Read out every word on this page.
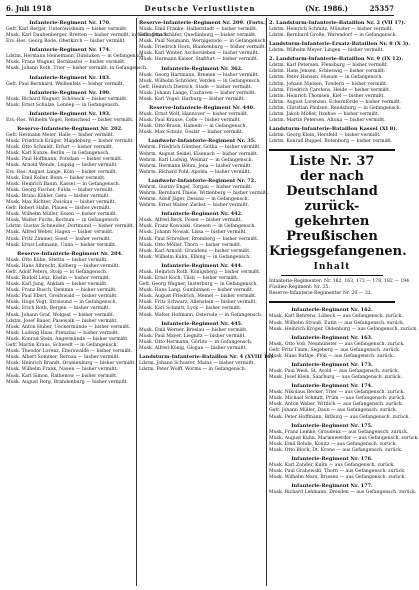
6. Juli 1918	Deutsche Verlustlisten	(Nr. 1986.)	25357
Infanterie-Regiment Nr. 170.

Gefr. Karl Berger, Unteröwisheim — bisher vermißt.

Musk. Karl Daubenberger, Bretten — bisher vermißt, in Gefangensch.

Ers.-Res. Georg Bode, Oberkirch — bisher vermißt.

Infanterie-Regiment Nr. 174.

Ldstm. Hermann Heinemann, Dinslaken — in Gefangensch.

Musk. Franz Wagner, Bernkastel — bisher vermißt.

Musk. Johann Roth, Trier — bisher vermißt, in Gefangensch.

Infanterie-Regiment Nr. 183.

Gefr. Paul Bernhard, Weißenfels — bisher vermißt.

Infanterie-Regiment Nr. 190.

Musk. Richard Wagner, Schöneck — bisher vermißt.

Musk. Ernst Schulze, Lennep — in Gefangensch.

Infanterie-Regiment Nr. 193.

Ers.-Res. Wilhelm Vogel, Remscheid — bisher vermißt.

Reserve-Infanterie-Regiment Nr. 202.

Gefr. Hermann Meier, Halle — bisher vermißt.

Musk. Friedrich Krüger, Magdeburg — bisher vermißt.

Musk. Otto Schmidt, Erfurt — bisher vermißt.

Musk. Karl Kunze, Berlin — in Gefangensch.

Musk. Paul Hoffmann, Potsdam — bisher vermißt.

Musk. Arnold Wende, Leipzig — bisher vermißt.

Ers.-Res. August Lange, Köln — bisher vermißt.

Musk. Emil Keller, Bonn — bisher vermißt.

Musk. Heinrich Baum, Kassel — in Gefangensch.

Musk. Georg Fischer, Fulda — bisher vermißt.

Musk. Bruno Köhler, Gera — bisher vermißt.

Musk. Max Richter, Zwickau — bisher vermißt.

Gefr. Robert Hahn, Plauen — bisher vermißt.

Musk. Wilhelm Müller, Essen — bisher vermißt.

Musk. Walter Fuchs, Bochum — in Gefangensch.

Ldstm. Gustav Schneider, Dortmund — bisher vermißt.

Musk. Alfred Weber, Hagen — bisher vermißt.

Musk. Fritz Zimmer, Soest — bisher vermißt.

Musk. Ernst Lehmann, Unna — bisher vermißt.

Reserve-Infanterie-Regiment Nr. 204.

Musk. Otto Kühn, Stettin — bisher vermißt.

Musk. Hans Albrecht, Kolberg — bisher vermißt.

Gefr. Adolf Peters, Stolp — in Gefangensch.

Musk. Rudolf Lenz, Köslin — bisher vermißt.

Musk. Karl Jung, Anklam — bisher vermißt.

Musk. Franz Busch, Demmin — bisher vermißt.

Musk. Paul Ebert, Greifswald — bisher vermißt.

Musk. Hugo Vogt, Stralsund — in Gefangensch.

Musk. Erich Roth, Bergen — bisher vermißt.

Musk. Johann Graf, Wolgast — bisher vermißt.

Ldstm. Josef Bauer, Pasewalk — bisher vermißt.

Musk. Anton Huber, Ueckermünde — bisher vermißt.

Musk. Ludwig Haas, Prenzlau — bisher vermißt.

Musk. Konrad Stein, Angermünde — bisher vermißt.

Gefr. Martin Kraus, Schwedt — in Gefangensch.

Musk. Theodor Lorenz, Eberswalde — bisher vermißt.

Musk. Albert Sommer, Bernau — bisher vermißt.

Musk. Heinrich Brandt, Oranienburg — bisher vermißt.

Musk. Wilhelm Frank, Nauen — bisher vermißt.

Musk. Karl Simon, Rathenow — bisher vermißt.

Musk. August Berg, Brandenburg — bisher vermißt.

Reserve-Infanterie-Regiment Nr. 209. (Forts.)

Musk. Emil Franke, Halberstadt — bisher vermißt.

Gefr. Otto Schäfer, Quedlinburg — bisher vermißt.

Musk. Paul Neumann, Wernigerode — in Gefangensch.

Musk. Friedrich Horn, Blankenburg — bisher vermißt.

Musk. Karl Winter, Aschersleben — bisher vermißt.

Musk. Hermann Kaiser, Staßfurt — bisher vermißt.

Infanterie-Regiment Nr. 362.

Musk. Georg Hartmann, Bremen — bisher vermißt.

Musk. Wilhelm Schröder, Verden — in Gefangensch.

Gefr. Heinrich Dietrich, Stade — bisher vermißt.

Musk. Johann Lange, Cuxhaven — bisher vermißt.

Musk. Karl Vogel, Harburg — bisher vermißt.

Reserve-Infanterie-Regiment Nr. 440.

Musk. Ernst Wolf, Hannover — bisher vermißt.

Musk. Paul Krause, Celle — bisher vermißt.

Musk. Otto Braun, Hameln — in Gefangensch.

Musk. Max Schulz, Goslar — bisher vermißt.

Landwehr-Infanterie-Regiment Nr. 35.

Wehrm. Friedrich Günther, Gotha — bisher vermißt.

Wehrm. August Seidel, Eisenach — bisher vermißt.

Wehrm. Karl Ludwig, Weimar — in Gefangensch.

Wehrm. Hermann Böhm, Jena — bisher vermißt.

Wehrm. Richard Pohl, Apolda — bisher vermißt.

Landwehr-Infanterie-Regiment Nr. 72.

Wehrm. Gustav Engel, Torgau — bisher vermißt.

Wehrm. Bernhard Thiele, Wittenberg — bisher vermißt.

Wehrm. Adolf Jäger, Dessau — in Gefangensch.

Wehrm. Ernst Walter, Zerbst — bisher vermißt.

Infanterie-Regiment Nr. 442.

Musk. Alfred Beck, Posen — bisher vermißt.

Musk. Franz Kowalski, Gnesen — in Gefangensch.

Musk. Johann Nowak, Lissa — bisher vermißt.

Musk. Paul Schreiber, Bromberg — bisher vermißt.

Musk. Otto Möller, Thorn — bisher vermißt.

Musk. Karl Arnold, Graudenz — bisher vermißt.

Musk. Wilhelm Kuhn, Elbing — in Gefangensch.

Infanterie-Regiment Nr. 444.

Musk. Heinrich Roth, Königsberg — bisher vermißt.

Musk. Ernst Koch, Tilsit — bisher vermißt.

Gefr. Georg Wagner, Insterburg — in Gefangensch.

Musk. Hans Lang, Gumbinnen — bisher vermißt.

Musk. August Friedrich, Memel — bisher vermißt.

Musk. Fritz Schwarz, Allenstein — bisher vermißt.

Musk. Karl Schmitt, Lyck — bisher vermißt.

Musk. Walter Hofmann, Osterode — in Gefangensch.

Infanterie-Regiment Nr. 445.

Musk. Emil Werner, Breslau — bisher vermißt.

Musk. Paul Mayer, Liegnitz — bisher vermißt.

Musk. Otto Hermann, Görlitz — in Gefangensch.

Musk. Alfred König, Glogau — bisher vermißt.

Landsturm-Infanterie-Bataillon Nr. 4 (XVIII 16).

Ldstm. Johann Schuster, Mainz — bisher vermißt.

Ldstm. Peter Wolff, Worms — in Gefangensch.

2. Landsturm-Infanterie-Bataillon Nr. 2 (VII 17).

Ldstm. Heinrich Schmitz, Münster — bisher vermißt.

Ldstm. Bernhard Große, Warendorf — in Gefangensch.

Landsturm-Infanterie-Ersatz-Bataillon Nr. 8 (X 3).

Ldstm. Wilhelm Meyer, Lingen — bisher vermißt.

2. Landsturm-Infanterie-Bataillon Nr. 9 (IX 12).

Ldstm. Karl Petersen, Flensburg — bisher vermißt.

Ldstm. Hans Jensen, Schleswig — bisher vermißt.

Ldstm. Peter Hansen, Husum — in Gefangensch.

Ldstm. Johann Nielsen, Tondern — bisher vermißt.

Ldstm. Friedrich Carstens, Heide — bisher vermißt.

Ldstm. Heinrich Thomsen, Kiel — bisher vermißt.

Ldstm. August Lorenzen, Eckernförde — bisher vermißt.

Ldstm. Christian Paulsen, Rendsburg — in Gefangensch.

Ldstm. Jakob Möller, Itzehoe — bisher vermißt.

Ldstm. Martin Petersen, Altona — bisher vermißt.

Landsturm-Infanterie-Bataillon Kassel (XI 8).

Ldstm. Georg Klein, Hersfeld — bisher vermißt.

Ldstm. Konrad Ruppel, Rotenburg — bisher vermißt.

Liste Nr. 37
der nach Deutschland zurück-
gekehrten Preußischen
Kriegsgefangenen.
Inhalt
Infanterie-Regimenter: Nr. 162, 163, 173 — 178, 182 — 194.
Füsilier-Regiment: Nr. 35.
Reserve-Infanterie-Regimenter Nr. 20 — 32.
Infanterie-Regiment Nr. 162.

Musk. Karl Behrens, Lübeck — aus Gefangensch. zurück.

Musk. Wilhelm Strauß, Eutin — aus Gefangensch. zurück.

Musk. Heinrich Kröger, Oldenburg — aus Gefangensch. zurück.

Infanterie-Regiment Nr. 163.

Musk. Otto Voß, Neumünster — aus Gefangensch. zurück.

Gefr. Fritz Timm, Segeberg — aus Gefangensch. zurück.

Musk. Hans Rathje, Plön — aus Gefangensch. zurück.

Infanterie-Regiment Nr. 173.

Musk. Paul Weiß, St. Avold — aus Gefangensch. zurück.

Musk. Josef Klein, Saarburg — aus Gefangensch. zurück.

Infanterie-Regiment Nr. 174.

Musk. Nikolaus Becker, Trier — aus Gefangensch. zurück.

Musk. Michael Schmitt, Prüm — aus Gefangensch. zurück.

Musk. Anton Weber, Wittlich — aus Gefangensch. zurück.

Gefr. Johann Müller, Daun — aus Gefangensch. zurück.

Musk. Peter Hoffmann, Bitburg — aus Gefangensch. zurück.

Infanterie-Regiment Nr. 175.

Musk. Franz Lemke, Graudenz — aus Gefangensch. zurück.

Musk. August Kuhn, Marienwerder — aus Gefangensch. zurück.

Musk. Emil Rohde, Konitz — aus Gefangensch. zurück.

Musk. Otto Block, Dt. Krone — aus Gefangensch. zurück.

Infanterie-Regiment Nr. 176.

Musk. Karl Zander, Kulm — aus Gefangensch. zurück.

Musk. Paul Grabowski, Thorn — aus Gefangensch. zurück.

Musk. Wilhelm Marx, Briesen — aus Gefangensch. zurück.

Infanterie-Regiment Nr. 177.

Musk. Richard Lehmann, Dresden — aus Gefangensch. zurück.
